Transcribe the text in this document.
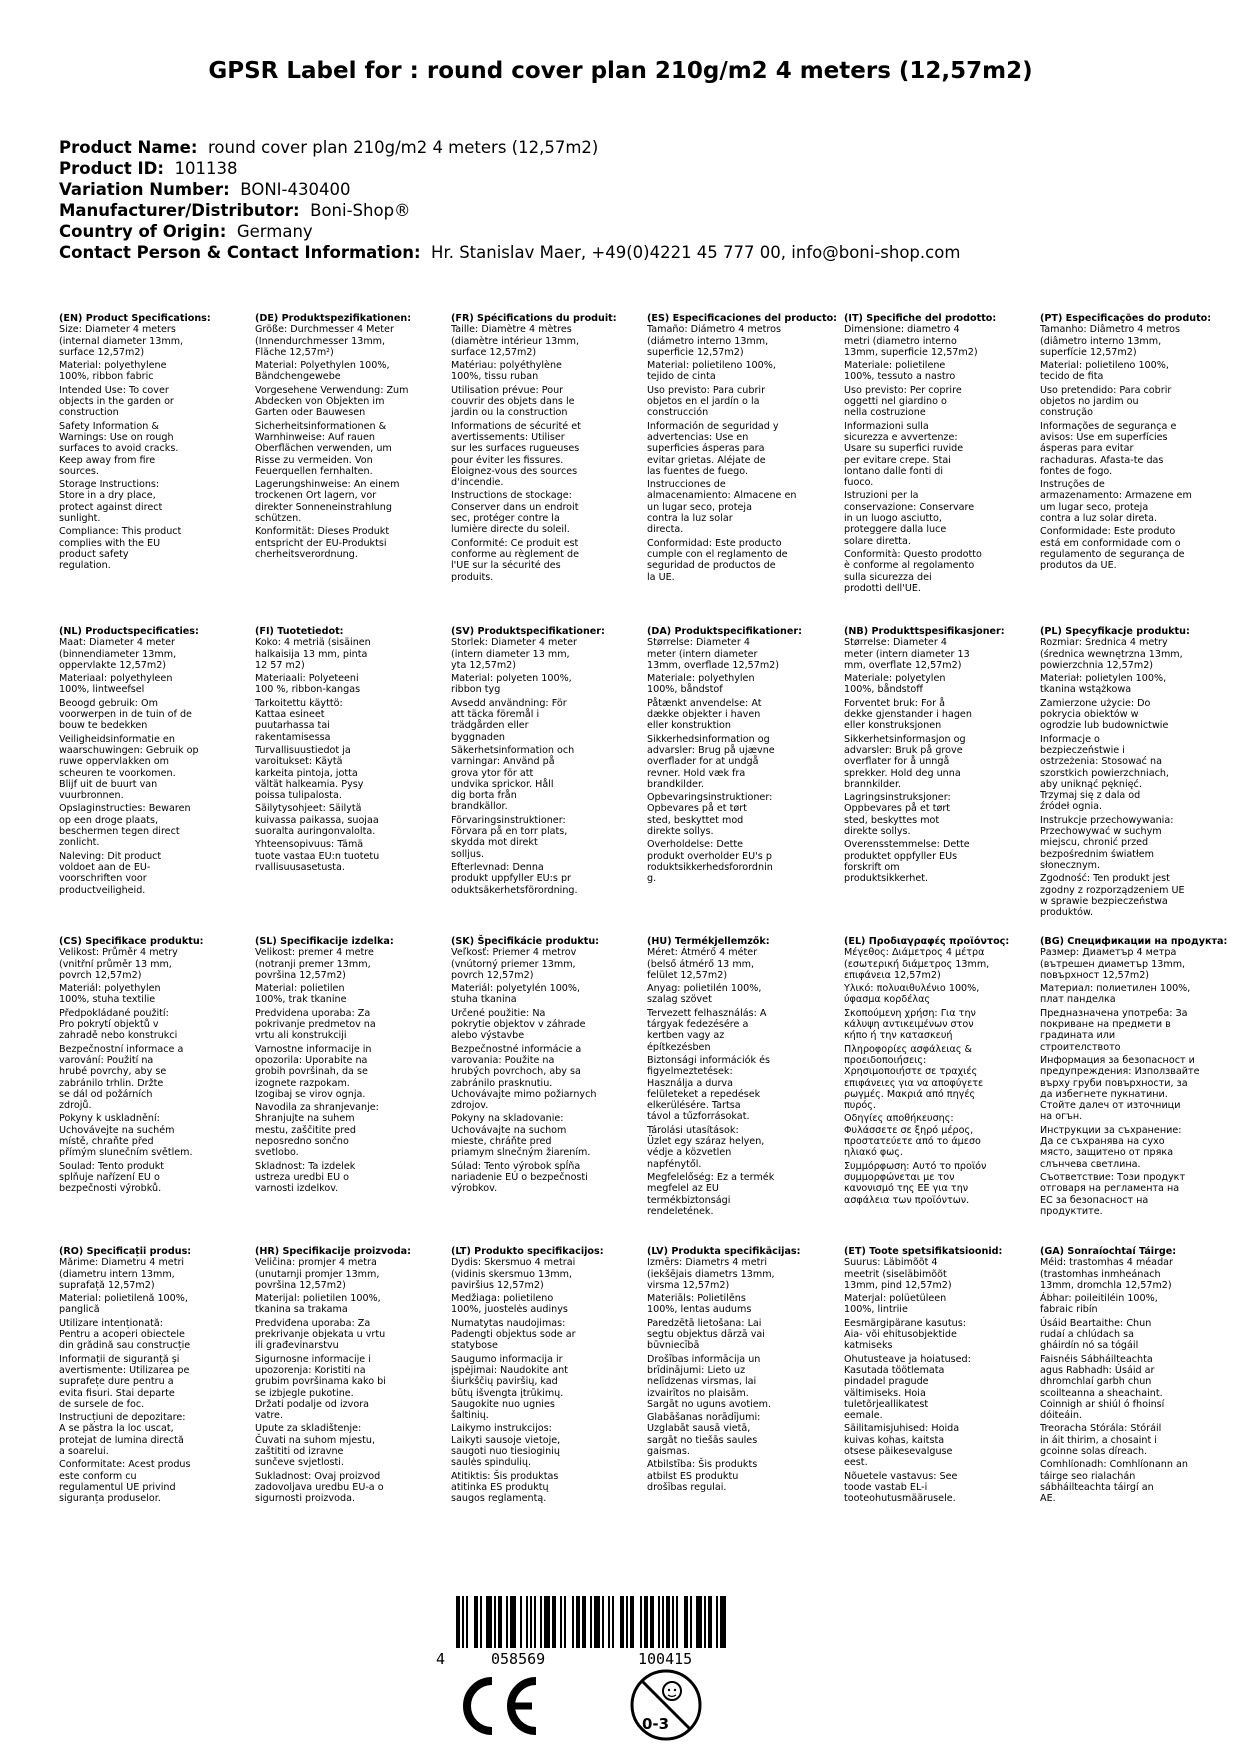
GPSR Label for : round cover plan 210g/m2 4 meters (12,57m2)
Product Name: round cover plan 210g/m2 4 meters (12,57m2)
Product ID: 101138
Variation Number: BONI-430400
Manufacturer/Distributor: Boni-Shop®
Country of Origin: Germany
Contact Person & Contact Information: Hr. Stanislav Maer, +49(0)4221 45 777 00, info@boni-shop.com
(EN) Product Specifications:
Size: Diameter 4 meters
(internal diameter 13mm,
surface 12,57m2)
Material: polyethylene
100%, ribbon fabric
Intended Use: To cover
objects in the garden or
construction
Safety Information &
Warnings: Use on rough
surfaces to avoid cracks.
Keep away from fire
sources.
Storage Instructions:
Store in a dry place,
protect against direct
sunlight.
Compliance: This product
complies with the EU
product safety
regulation.
(DE) Produktspezifikationen:
Größe: Durchmesser 4 Meter
(Innendurchmesser 13mm,
Fläche 12,57m²)
Material: Polyethylen 100%,
Bändchengewebe
Vorgesehene Verwendung: Zum
Abdecken von Objekten im
Garten oder Bauwesen
Sicherheitsinformationen &
Warnhinweise: Auf rauen
Oberflächen verwenden, um
Risse zu vermeiden. Von
Feuerquellen fernhalten.
Lagerungshinweise: An einem
trockenen Ort lagern, vor
direkter Sonneneinstrahlung
schützen.
Konformität: Dieses Produkt
entspricht der EU-Produktsi
cherheitsverordnung.
(FR) Spécifications du produit:
Taille: Diamètre 4 mètres
(diamètre intérieur 13mm,
surface 12,57m2)
Matériau: polyéthylène
100%, tissu ruban
Utilisation prévue: Pour
couvrir des objets dans le
jardin ou la construction
Informations de sécurité et
avertissements: Utiliser
sur les surfaces rugueuses
pour éviter les fissures.
Éloignez-vous des sources
d'incendie.
Instructions de stockage:
Conserver dans un endroit
sec, protéger contre la
lumière directe du soleil.
Conformité: Ce produit est
conforme au règlement de
l'UE sur la sécurité des
produits.
(ES) Especificaciones del producto:
Tamaño: Diámetro 4 metros
(diámetro interno 13mm,
superficie 12,57m2)
Material: polietileno 100%,
tejido de cinta
Uso previsto: Para cubrir
objetos en el jardín o la
construcción
Información de seguridad y
advertencias: Use en
superficies ásperas para
evitar grietas. Aléjate de
las fuentes de fuego.
Instrucciones de
almacenamiento: Almacene en
un lugar seco, proteja
contra la luz solar
directa.
Conformidad: Este producto
cumple con el reglamento de
seguridad de productos de
la UE.
(IT) Specifiche del prodotto:
Dimensione: diametro 4
metri (diametro interno
13mm, superficie 12,57m2)
Materiale: polietilene
100%, tessuto a nastro
Uso previsto: Per coprire
oggetti nel giardino o
nella costruzione
Informazioni sulla
sicurezza e avvertenze:
Usare su superfici ruvide
per evitare crepe. Stai
lontano dalle fonti di
fuoco.
Istruzioni per la
conservazione: Conservare
in un luogo asciutto,
proteggere dalla luce
solare diretta.
Conformità: Questo prodotto
è conforme al regolamento
sulla sicurezza dei
prodotti dell'UE.
(PT) Especificações do produto:
Tamanho: Diâmetro 4 metros
(diâmetro interno 13mm,
superfície 12,57m2)
Material: polietileno 100%,
tecido de fita
Uso pretendido: Para cobrir
objetos no jardim ou
construção
Informações de segurança e
avisos: Use em superfícies
ásperas para evitar
rachaduras. Afasta-te das
fontes de fogo.
Instruções de
armazenamento: Armazene em
um lugar seco, proteja
contra a luz solar direta.
Conformidade: Este produto
está em conformidade com o
regulamento de segurança de
produtos da UE.
(NL) Productspecificaties:
Maat: Diameter 4 meter
(binnendiameter 13mm,
oppervlakte 12,57m2)
Materiaal: polyethyleen
100%, lintweefsel
Beoogd gebruik: Om
voorwerpen in de tuin of de
bouw te bedekken
Veiligheidsinformatie en
waarschuwingen: Gebruik op
ruwe oppervlakken om
scheuren te voorkomen.
Blijf uit de buurt van
vuurbronnen.
Opslaginstructies: Bewaren
op een droge plaats,
beschermen tegen direct
zonlicht.
Naleving: Dit product
voldoet aan de EU-
voorschriften voor
productveiligheid.
(FI) Tuotetiedot:
Koko: 4 metriä (sisäinen
halkaisija 13 mm, pinta
12 57 m2)
Materiaali: Polyeteeni
100 %, ribbon-kangas
Tarkoitettu käyttö:
Kattaa esineet
puutarhassa tai
rakentamisessa
Turvallisuustiedot ja
varoitukset: Käytä
karkeita pintoja, jotta
vältät halkeamia. Pysy
poissa tulipalosta.
Säilytysohjeet: Säilytä
kuivassa paikassa, suojaa
suoralta auringonvalolta.
Yhteensopivuus: Tämä
tuote vastaa EU:n tuotetu
rvallisuusasetusta.
(SV) Produktspecifikationer:
Storlek: Diameter 4 meter
(intern diameter 13 mm,
yta 12,57m2)
Material: polyeten 100%,
ribbon tyg
Avsedd användning: För
att täcka föremål i
trädgården eller
byggnaden
Säkerhetsinformation och
varningar: Använd på
grova ytor för att
undvika sprickor. Håll
dig borta från
brandkällor.
Förvaringsinstruktioner:
Förvara på en torr plats,
skydda mot direkt
solljus.
Efterlevnad: Denna
produkt uppfyller EU:s pr
oduktsäkerhetsförordning.
(DA) Produktspecifikationer:
Størrelse: Diameter 4
meter (intern diameter
13mm, overflade 12,57m2)
Materiale: polyethylen
100%, båndstof
Påtænkt anvendelse: At
dække objekter i haven
eller konstruktion
Sikkerhedsinformation og
advarsler: Brug på ujævne
overflader for at undgå
revner. Hold væk fra
brandkilder.
Opbevaringsinstruktioner:
Opbevares på et tørt
sted, beskyttet mod
direkte sollys.
Overholdelse: Dette
produkt overholder EU's p
roduktsikkerhedsforordnin
g.
(NB) Produkttspesifikasjoner:
Størrelse: Diameter 4
meter (intern diameter 13
mm, overflate 12,57m2)
Materiale: polyetylen
100%, båndstoff
Forventet bruk: For å
dekke gjenstander i hagen
eller konstruksjonen
Sikkerhetsinformasjon og
advarsler: Bruk på grove
overflater for å unngå
sprekker. Hold deg unna
brannkilder.
Lagringsinstruksjoner:
Oppbevares på et tørt
sted, beskyttes mot
direkte sollys.
Overensstemmelse: Dette
produktet oppfyller EUs
forskrift om
produktsikkerhet.
(PL) Specyfikacje produktu:
Rozmiar: Średnica 4 metry
(średnica wewnętrzna 13mm,
powierzchnia 12,57m2)
Materiał: polietylen 100%,
tkanina wstążkowa
Zamierzone użycie: Do
pokrycia obiektów w
ogrodzie lub budownictwie
Informacje o
bezpieczeństwie i
ostrzeżenia: Stosować na
szorstkich powierzchniach,
aby uniknąć pęknięć.
Trzymaj się z dala od
źródeł ognia.
Instrukcje przechowywania:
Przechowywać w suchym
miejscu, chronić przed
bezpośrednim światłem
słonecznym.
Zgodność: Ten produkt jest
zgodny z rozporządzeniem UE
w sprawie bezpieczeństwa
produktów.
(CS) Specifikace produktu:
Velikost: Průměr 4 metry
(vnitřní průměr 13 mm,
povrch 12,57m2)
Materiál: polyethylen
100%, stuha textilie
Předpokládané použití:
Pro pokrytí objektů v
zahradě nebo konstrukci
Bezpečnostní informace a
varování: Použití na
hrubé povrchy, aby se
zabránilo trhlin. Držte
se dál od požárních
zdrojů.
Pokyny k uskladnění:
Uchovávejte na suchém
místě, chraňte před
přímým slunečním světlem.
Soulad: Tento produkt
splňuje nařízení EU o
bezpečnosti výrobků.
(SL) Specifikacije izdelka:
Velikost: premer 4 metre
(notranji premer 13mm,
površina 12,57m2)
Material: polietilen
100%, trak tkanine
Predvidena uporaba: Za
pokrivanje predmetov na
vrtu ali konstrukciji
Varnostne informacije in
opozorila: Uporabite na
grobih površinah, da se
izognete razpokam.
Izogibaj se virov ognja.
Navodila za shranjevanje:
Shranjujte na suhem
mestu, zaščitite pred
neposredno sončno
svetlobo.
Skladnost: Ta izdelek
ustreza uredbi EU o
varnosti izdelkov.
(SK) Špecifikácie produktu:
Veľkosť: Priemer 4 metrov
(vnútorný priemer 13mm,
povrch 12,57m2)
Materiál: polyetylén 100%,
stuha tkanina
Určené použitie: Na
pokrytie objektov v záhrade
alebo výstavbe
Bezpečnostné informácie a
varovania: Použite na
hrubých povrchoch, aby sa
zabránilo prasknutiu.
Uchovávajte mimo požiarnych
zdrojov.
Pokyny na skladovanie:
Uchovávajte na suchom
mieste, chráňte pred
priamym slnečným žiarením.
Súlad: Tento výrobok spĺňa
nariadenie EÚ o bezpečnosti
výrobkov.
(HU) Termékjellemzők:
Méret: Átmérő 4 méter
(belső átmérő 13 mm,
felület 12,57m2)
Anyag: polietilén 100%,
szalag szövet
Tervezett felhasználás: A
tárgyak fedezésére a
kertben vagy az
építkezésben
Biztonsági információk és
figyelmeztetések:
Használja a durva
felületeket a repedések
elkerülésére. Tartsa
távol a tűzforrásokat.
Tárolási utasítások:
Üzlet egy száraz helyen,
védje a közvetlen
napfénytől.
Megfelelőség: Ez a termék
megfelel az EU
termékbiztonsági
rendeletének.
(EL) Προδιαγραφές προϊόντος:
Μέγεθος: Διάμετρος 4 μέτρα
(εσωτερική διάμετρος 13mm,
επιφάνεια 12,57m2)
Υλικό: πολυαιθυλένιο 100%,
ύφασμα κορδέλας
Σκοπούμενη χρήση: Για την
κάλυψη αντικειμένων στον
κήπο ή την κατασκευή
Πληροφορίες ασφάλειας &
προειδοποιήσεις:
Χρησιμοποιήστε σε τραχιές
επιφάνειες για να αποφύγετε
ρωγμές. Μακριά από πηγές
πυρός.
Οδηγίες αποθήκευσης:
Φυλάσσετε σε ξηρό μέρος,
προστατεύετε από το άμεσο
ηλιακό φως.
Συμμόρφωση: Αυτό το προϊόν
συμμορφώνεται με τον
κανονισμό της ΕΕ για την
ασφάλεια των προϊόντων.
(BG) Спецификации на продукта:
Размер: Диаметър 4 метра
(вътрешен диаметър 13mm,
повърхност 12,57m2)
Материал: полиетилен 100%,
плат панделка
Предназначена употреба: За
покриване на предмети в
градината или
строителството
Информация за безопасност и
предупреждения: Използвайте
върху груби повърхности, за
да избегнете пукнатини.
Стойте далеч от източници
на огън.
Инструкции за съхранение:
Да се съхранява на сухо
място, защитено от пряка
слънчева светлина.
Съответствие: Този продукт
отговаря на регламента на
ЕС за безопасност на
продуктите.
(RO) Specificații produs:
Mărime: Diametru 4 metri
(diametru intern 13mm,
suprafață 12,57m2)
Material: polietilenă 100%,
panglică
Utilizare intenționată:
Pentru a acoperi obiectele
din grădină sau construcție
Informații de siguranță și
avertismente: Utilizarea pe
suprafețe dure pentru a
evita fisuri. Stai departe
de sursele de foc.
Instrucțiuni de depozitare:
A se păstra la loc uscat,
protejat de lumina directă
a soarelui.
Conformitate: Acest produs
este conform cu
regulamentul UE privind
siguranța produselor.
(HR) Specifikacije proizvoda:
Veličina: promjer 4 metra
(unutarnji promjer 13mm,
površina 12,57m2)
Materijal: polietilen 100%,
tkanina sa trakama
Predviđena uporaba: Za
prekrivanje objekata u vrtu
ili građevinarstvu
Sigurnosne informacije i
upozorenja: Koristiti na
grubim površinama kako bi
se izbjegle pukotine.
Držati podalje od izvora
vatre.
Upute za skladištenje:
Čuvati na suhom mjestu,
zaštititi od izravne
sunčeve svjetlosti.
Sukladnost: Ovaj proizvod
zadovoljava uredbu EU-a o
sigurnosti proizvoda.
(LT) Produkto specifikacijos:
Dydis: Skersmuo 4 metrai
(vidinis skersmuo 13mm,
paviršius 12,57m2)
Medžiaga: polietileno
100%, juostelės audinys
Numatytas naudojimas:
Padengti objektus sode ar
statybose
Saugumo informacija ir
įspėjimai: Naudokite ant
šiurkščių paviršių, kad
būtų išvengta įtrūkimų.
Saugokite nuo ugnies
šaltinių.
Laikymo instrukcijos:
Laikyti sausoje vietoje,
saugoti nuo tiesioginių
saulės spindulių.
Atitiktis: Šis produktas
atitinka ES produktų
saugos reglamentą.
(LV) Produkta specifikācijas:
Izmērs: Diametrs 4 metri
(iekšējais diametrs 13mm,
virsma 12,57m2)
Materiāls: Polietilēns
100%, lentas audums
Paredzētā lietošana: Lai
segtu objektus dārzā vai
būvniecībā
Drošības informācija un
brīdinājumi: Lieto uz
nelīdzenas virsmas, lai
izvairītos no plaisām.
Sargāt no uguns avotiem.
Glabāšanas norādījumi:
Uzglabāt sausā vietā,
sargāt no tiešās saules
gaismas.
Atbilstība: Šis produkts
atbilst ES produktu
drošības regulai.
(ET) Toote spetsifikatsioonid:
Suurus: Läbimõõt 4
meetrit (siseläbimõõt
13mm, pind 12,57m2)
Materjal: polüetüleen
100%, lintriie
Eesmärgipärane kasutus:
Aia- või ehitusobjektide
katmiseks
Ohutusteave ja hoiatused:
Kasutada töötlemata
pindadel pragude
vältimiseks. Hoia
tuletõrjeallikatest
eemale.
Säilitamisjuhised: Hoida
kuivas kohas, kaitsta
otsese päikesevalguse
eest.
Nõuetele vastavus: See
toode vastab EL-i
tooteohutusmäärusele.
(GA) Sonraíochtaí Táirge:
Méid: trastomhas 4 méadar
(trastomhas inmheánach
13mm, dromchla 12,57m2)
Ábhar: poileitiléin 100%,
fabraic ribín
Úsáid Beartaithe: Chun
rudaí a chlúdach sa
gháirdín nó sa tógáil
Faisnéis Sábháilteachta
agus Rabhadh: Úsáid ar
dhromchlaí garbh chun
scoilteanna a sheachaint.
Coinnigh ar shiúl ó fhoinsí
dóiteáin.
Treoracha Stórála: Stóráil
in áit thirim, a chosaint i
gcoinne solas díreach.
Comhlíonadh: Comhlíonann an
táirge seo rialachán
sábháilteachta táirgí an
AE.
4	058569	100415
0-3
